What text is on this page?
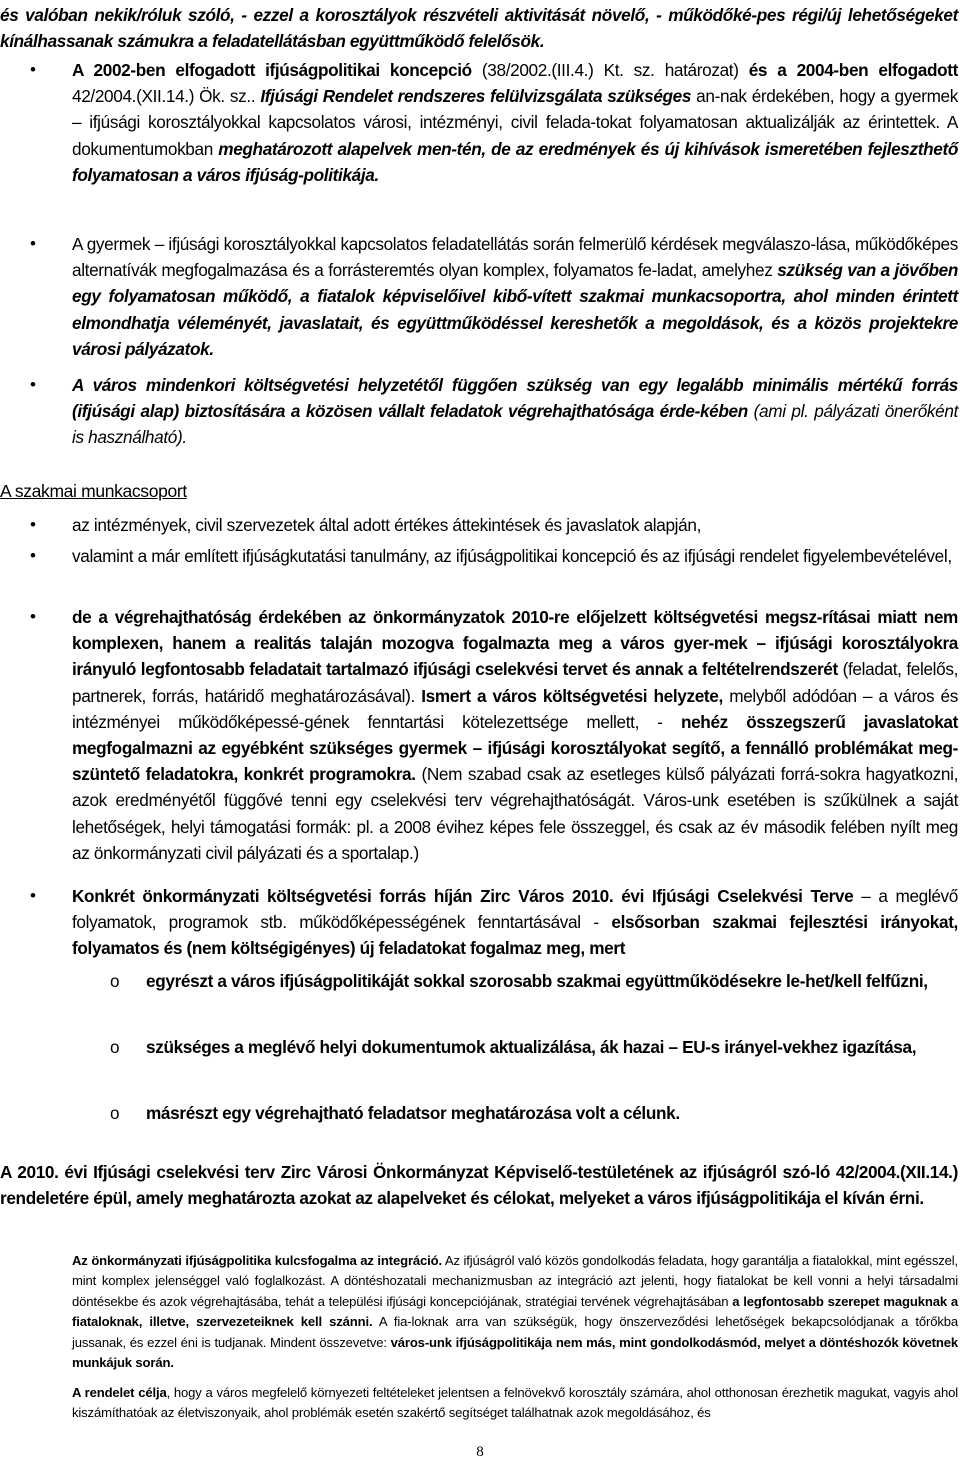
és valóban nekik/róluk szóló, - ezzel a korosztályok részvételi aktivitását növelő, - működőké-pes régi/új lehetőségeket kínálhassanak számukra a feladatellátásban együttműködő felelősök.

• A 2002-ben elfogadott ifjúságpolitikai koncepció (38/2002.(III.4.) Kt. sz. határozat) és a 2004-ben elfogadott 42/2004.(XII.14.) Ök. sz.. Ifjúsági Rendelet rendszeres felülvizsgálata szükséges an-nak érdekében, hogy a gyermek – ifjúsági korosztályokkal kapcsolatos városi, intézményi, civil felada-tokat folyamatosan aktualizálják az érintettek. A dokumentumokban meghatározott alapelvek men-tén, de az eredmények és új kihívások ismeretében fejleszthető folyamatosan a város ifjúság-politikája.

• A gyermek – ifjúsági korosztályokkal kapcsolatos feladatellátás során felmerülő kérdések megválaszo-lása, működőképes alternatívák megfogalmazása és a forrásteremtés olyan komplex, folyamatos fe-ladat, amelyhez szükség van a jövőben egy folyamatosan működő, a fiatalok képviselőivel kibő-vített szakmai munkacsoportra, ahol minden érintett elmondhatja véleményét, javaslatait, és együttműködéssel kereshetők a megoldások, és a közös projektekre városi pályázatok.

• A város mindenkori költségvetési helyzetétől függően szükség van egy legalább minimális mértékű forrás (ifjúsági alap) biztosítására a közösen vállalt feladatok végrehajthatósága érde-kében (ami pl. pályázati önerőként is használható).

A szakmai munkacsoport

• az intézmények, civil szervezetek által adott értékes áttekintések és javaslatok alapján,

• valamint a már említett ifjúságkutatási tanulmány, az ifjúságpolitikai koncepció és az ifjúsági rendelet figyelembevételével,

• de a végrehajthatóság érdekében az önkormányzatok 2010-re előjelzett költségvetési megsz-rításai miatt nem komplexen, hanem a realitás talaján mozogva fogalmazta meg a város gyer-mek – ifjúsági korosztályokra irányuló legfontosabb feladatait tartalmazó ifjúsági cselekvési tervet és annak a feltételrendszerét (feladat, felelős, partnerek, forrás, határidő meghatározásával). Ismert a város költségvetési helyzete, melyből adódóan – a város és intézményei működőképessé-gének fenntartási kötelezettsége mellett, - nehéz összegszerű javaslatokat megfogalmazni az egyébként szükséges gyermek – ifjúsági korosztályokat segítő, a fennálló problémákat meg-szüntető feladatokra, konkrét programokra. (Nem szabad csak az esetleges külső pályázati forrá-sokra hagyatkozni, azok eredményétől függővé tenni egy cselekvési terv végrehajthatóságát. Város-unk esetében is szűkülnek a saját lehetőségek, helyi támogatási formák: pl. a 2008 évihez képes fele összeggel, és csak az év második felében nyílt meg az önkormányzati civil pályázati és a sportalap.)

• Konkrét önkormányzati költségvetési forrás híján Zirc Város 2010. évi Ifjúsági Cselekvési Terve – a meglévő folyamatok, programok stb. működőképességének fenntartásával - elsősorban szakmai fejlesztési irányokat, folyamatos és (nem költségigényes) új feladatokat fogalmaz meg, mert

o egyrészt a város ifjúságpolitikáját sokkal szorosabb szakmai együttműködésekre le-het/kell felfűzni,

o szükséges a meglévő helyi dokumentumok aktualizálása, ák hazai – EU-s irányel-vekhez igazítása,

o másrészt egy végrehajtható feladatsor meghatározása volt a célunk.

A 2010. évi Ifjúsági cselekvési terv Zirc Városi Önkormányzat Képviselő-testületének az ifjúságról szó-ló 42/2004.(XII.14.) rendeletére épül, amely meghatározta azokat az alapelveket és célokat, melyeket a város ifjúságpolitikája el kíván érni.

Az önkormányzati ifjúságpolitika kulcsfogalma az integráció. Az ifjúságról való közös gondolkodás feladata, hogy garantálja a fiatalokkal, mint egésszel, mint komplex jelenséggel való foglalkozást. A döntéshozatali mechanizmusban az integráció azt jelenti, hogy fiatalokat be kell vonni a helyi társadalmi döntésekbe és azok végrehajtásába, tehát a települési ifjúsági koncepciójának, stratégiai tervének végrehajtásában a legfontosabb szerepet maguknak a fiataloknak, illetve, szervezeteiknek kell szánni. A fia-loknak arra van szükségük, hogy önszerveződési lehetőségek bekapcsolódjanak a tőrőkba jussanak, és ezzel éni is tudjanak. Mindent összevetve: város-unk ifjúságpolitikája nem más, mint gondolkodásmód, melyet a döntéshozók követnek munkájuk során.

A rendelet célja, hogy a város megfelelő környezeti feltételeket jelentsen a felnövekvő korosztály számára, ahol otthonosan érezhetik magukat, vagyis ahol kiszámíthatóak az életviszonyaik, ahol problémák esetén szakértő segítséget találhatnak azok megoldásához, és

8
